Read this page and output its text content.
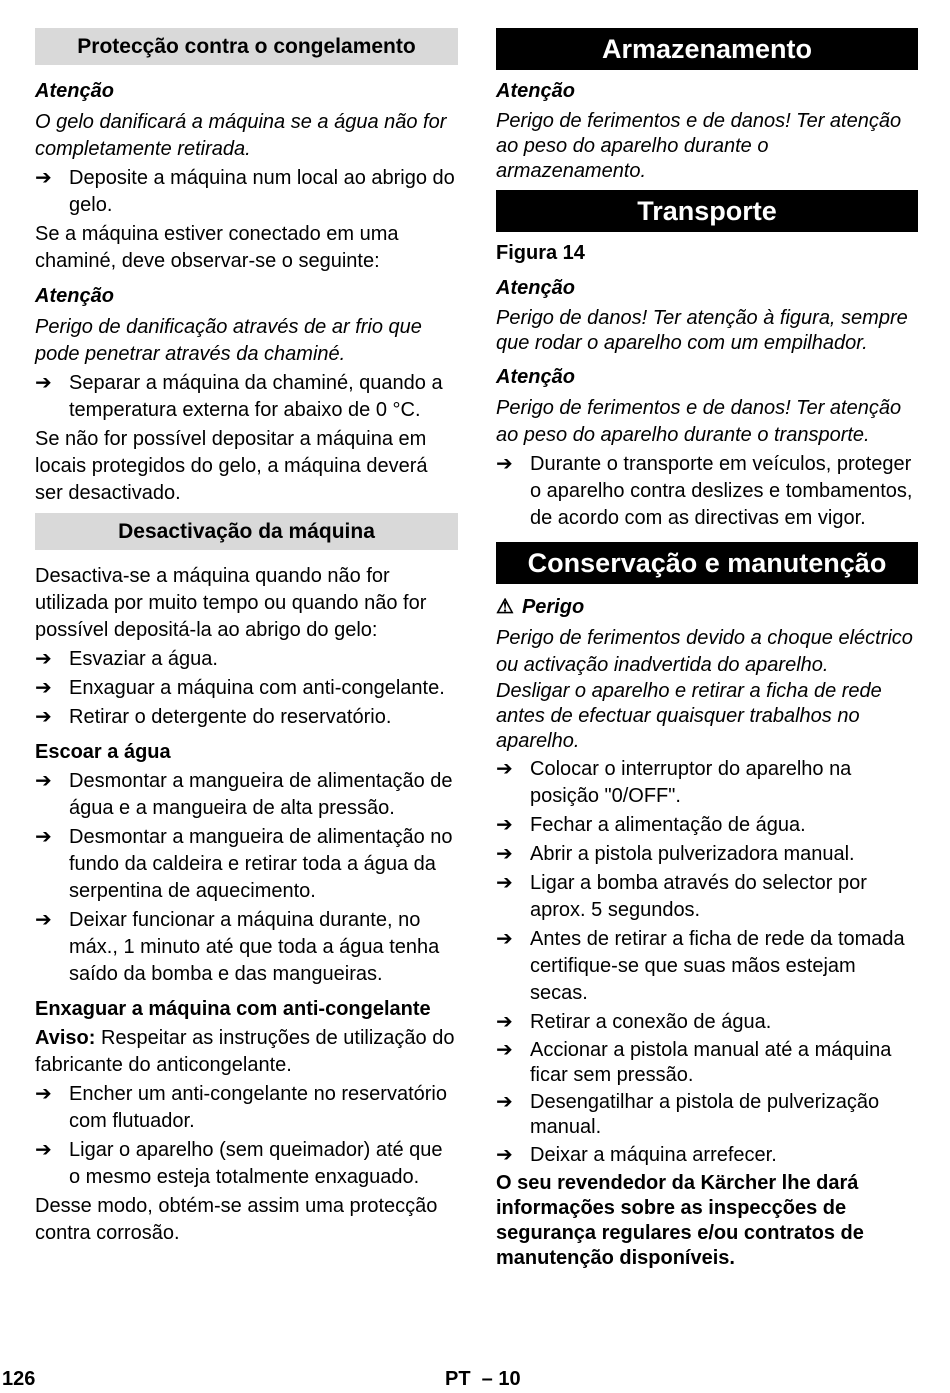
Protecção contra o congelamento

Atenção

O gelo danificará a máquina se a água não for completamente retirada.

➔ Deposite a máquina num local ao abrigo do gelo.

Se a máquina estiver conectado em uma chaminé, deve observar-se o seguinte:

Atenção

Perigo de danificação através de ar frio que pode penetrar através da chaminé.

➔ Separar a máquina da chaminé, quando a temperatura externa for abaixo de 0 °C.

Se não for possível depositar a máquina em locais protegidos do gelo, a máquina deverá ser desactivado.

Desactivação da máquina

Desactiva-se a máquina quando não for utilizada por muito tempo ou quando não for possível depositá-la ao abrigo do gelo:

➔ Esvaziar a água.
➔ Enxaguar a máquina com anti-congelante.
➔ Retirar o detergente do reservatório.

Escoar a água

➔ Desmontar a mangueira de alimentação de água e a mangueira de alta pressão.
➔ Desmontar a mangueira de alimentação no fundo da caldeira e retirar toda a água da serpentina de aquecimento.
➔ Deixar funcionar a máquina durante, no máx., 1 minuto até que toda a água tenha saído da bomba e das mangueiras.

Enxaguar a máquina com anti-congelante

Aviso: Respeitar as instruções de utilização do fabricante do anticongelante.

➔ Encher um anti-congelante no reservatório com flutuador.
➔ Ligar o aparelho (sem queimador) até que o mesmo esteja totalmente enxaguado.

Desse modo, obtém-se assim uma protecção contra corrosão.

Armazenamento

Atenção

Perigo de ferimentos e de danos! Ter atenção ao peso do aparelho durante o armazenamento.

Transporte

Figura 14

Atenção

Perigo de danos! Ter atenção à figura, sempre que rodar o aparelho com um empilhador.

Atenção

Perigo de ferimentos e de danos! Ter atenção ao peso do aparelho durante o transporte.

➔ Durante o transporte em veículos, proteger o aparelho contra deslizes e tombamentos, de acordo com as directivas em vigor.
Conservação e manutenção

⚠ Perigo

Perigo de ferimentos devido a choque eléctrico ou activação inadvertida do aparelho.

Desligar o aparelho e retirar a ficha de rede antes de efectuar quaisquer trabalhos no aparelho.

➔ Colocar o interruptor do aparelho na posição "0/OFF".
➔ Fechar a alimentação de água.
➔ Abrir a pistola pulverizadora manual.
➔ Ligar a bomba através do selector por aprox. 5 segundos.
➔ Antes de retirar a ficha de rede da tomada certifique-se que suas mãos estejam secas.
➔ Retirar a conexão de água.
➔ Accionar a pistola manual até a máquina ficar sem pressão.
➔ Desengatilhar a pistola de pulverização manual.
➔ Deixar a máquina arrefecer.

O seu revendedor da Kärcher lhe dará informações sobre as inspecções de segurança regulares e/ou contratos de manutenção disponíveis.

126	PT  – 10
